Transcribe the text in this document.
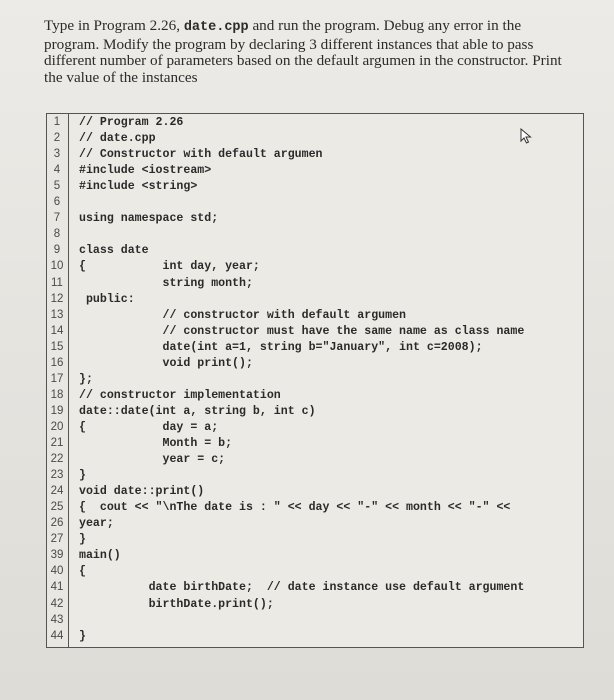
Type in Program 2.26, date.cpp and run the program. Debug any error in the
program. Modify the program by declaring 3 different instances that able to pass
different number of parameters based on the default argumen in the constructor. Print
the value of the instances
1	// Program 2.26
2	// date.cpp
3	// Constructor with default argumen
4	#include <iostream>
5	#include <string>
6
7	using namespace std;
8
9	class date
10	{           int day, year;
11	string month;
12	public:
13	// constructor with default argumen
14	// constructor must have the same name as class name
15	date(int a=1, string b="January", int c=2008);
16	void print();
17	};
18	// constructor implementation
19	date::date(int a, string b, int c)
20	{           day = a;
21	Month = b;
22	year = c;
23	}
24	void date::print()
25	{  cout << "\nThe date is : " << day << "-" << month << "-" <<
26	year;
27	}
39	main()
40	{
41	date birthDate;  // date instance use default argument
42	birthDate.print();
43
44	}
